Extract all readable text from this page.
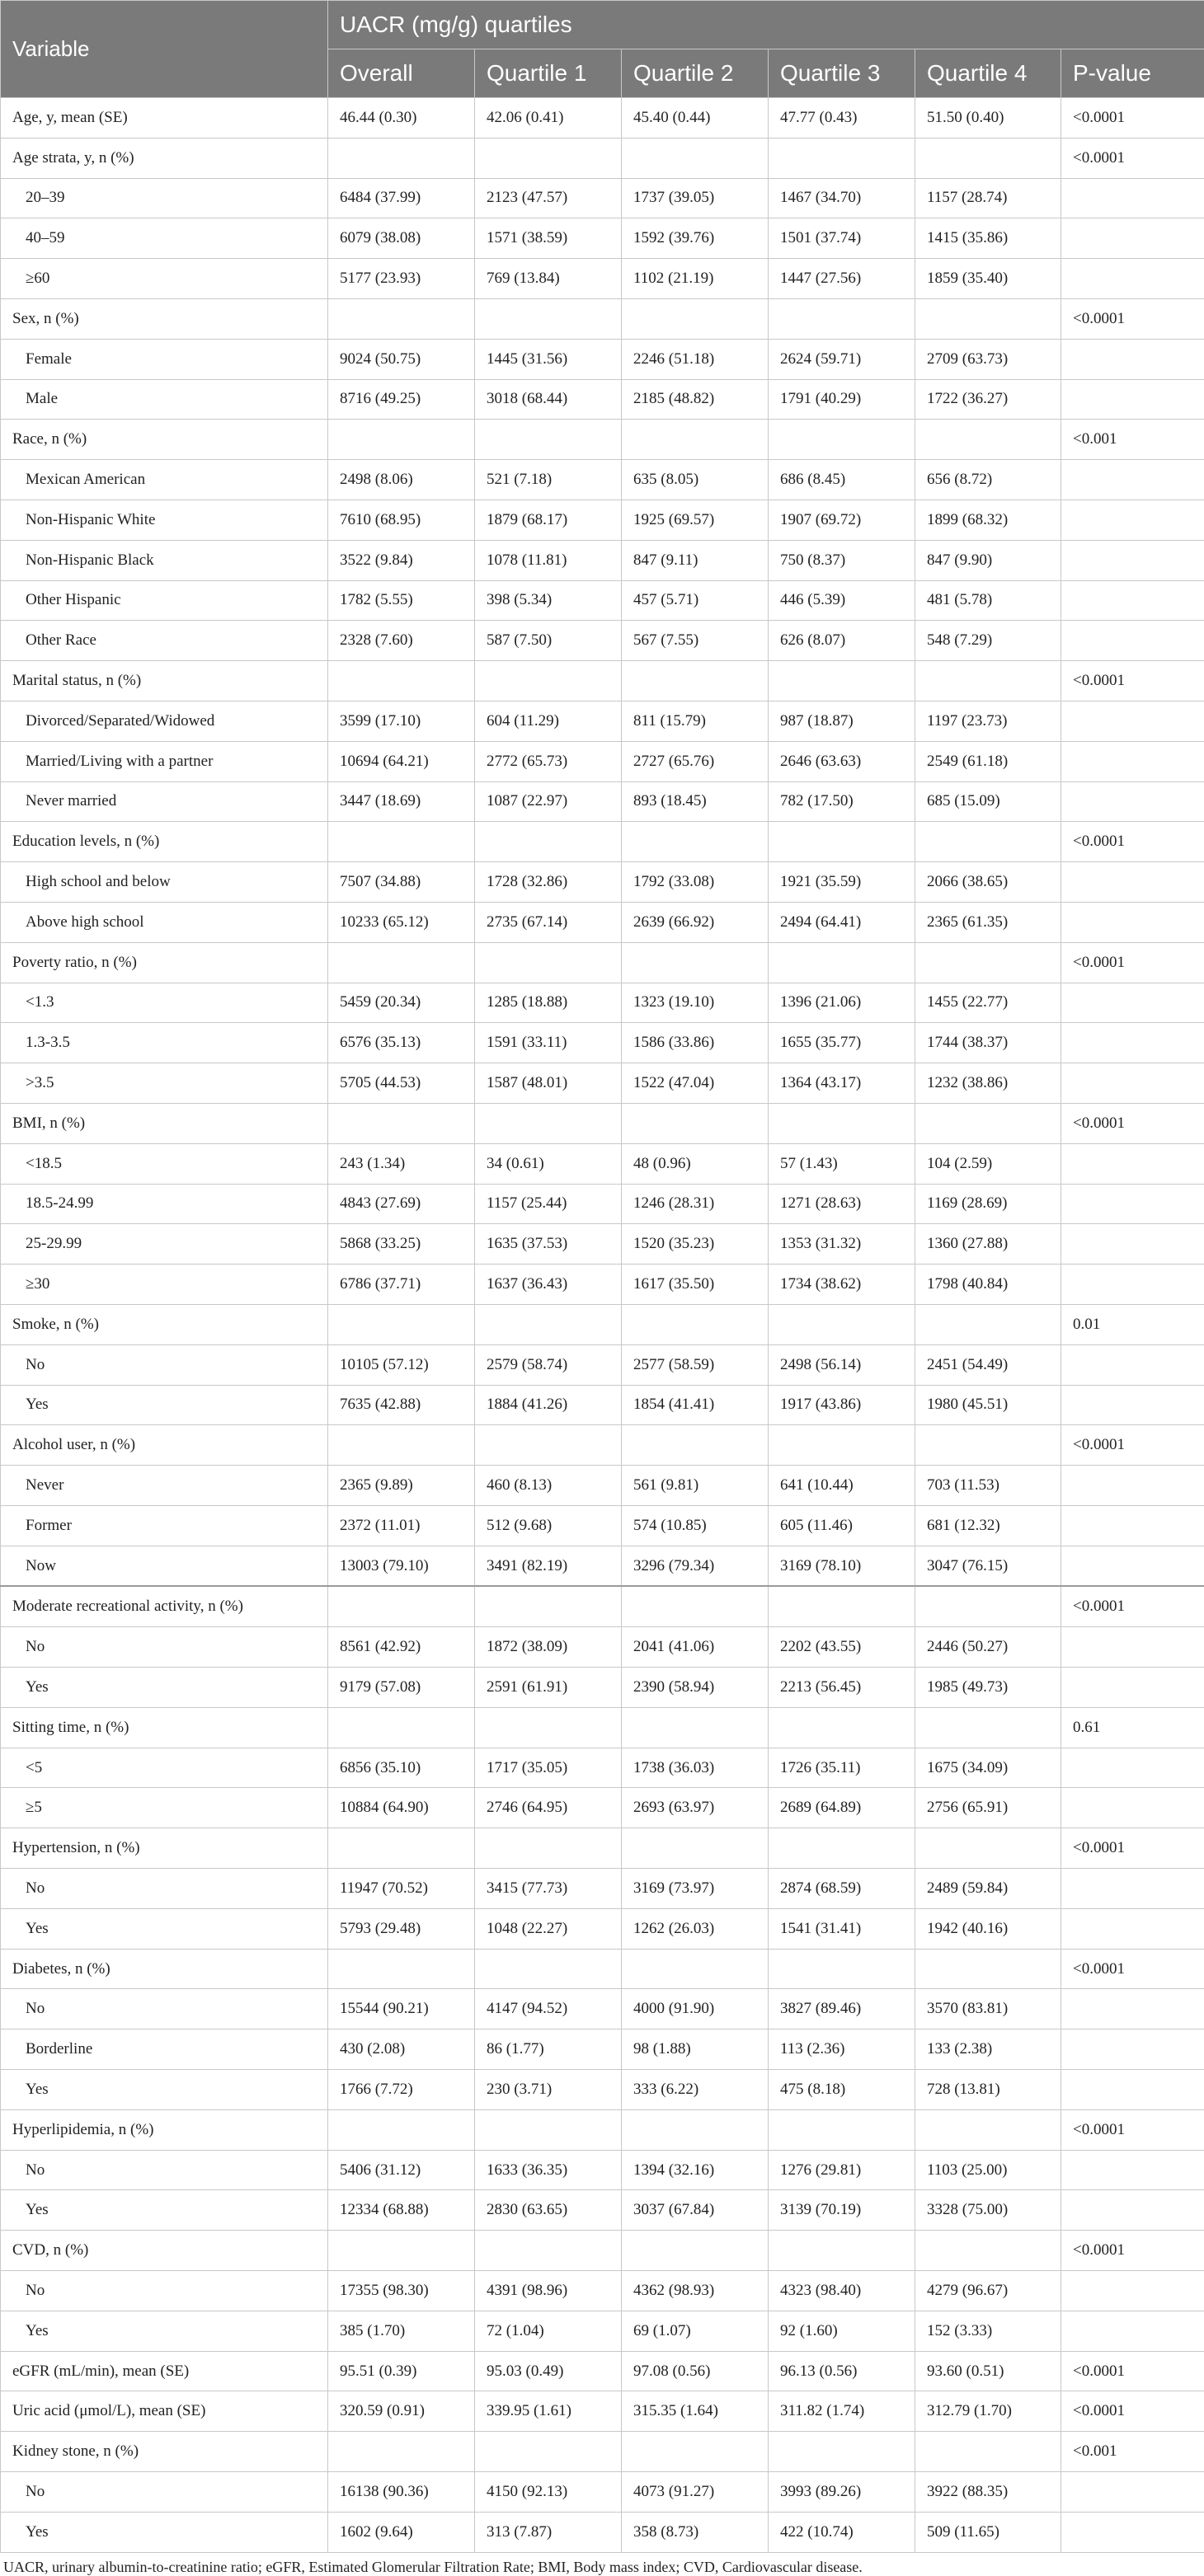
Variable	UACR (mg/g) quartiles					
	Overall	Quartile 1	Quartile 2	Quartile 3	Quartile 4	P-value
Age, y, mean (SE)	46.44 (0.30)	42.06 (0.41)	45.40 (0.44)	47.77 (0.43)	51.50 (0.40)	<0.0001
Age strata, y, n (%)						<0.0001
20–39	6484 (37.99)	2123 (47.57)	1737 (39.05)	1467 (34.70)	1157 (28.74)	
40–59	6079 (38.08)	1571 (38.59)	1592 (39.76)	1501 (37.74)	1415 (35.86)	
≥60	5177 (23.93)	769 (13.84)	1102 (21.19)	1447 (27.56)	1859 (35.40)	
Sex, n (%)						<0.0001
Female	9024 (50.75)	1445 (31.56)	2246 (51.18)	2624 (59.71)	2709 (63.73)	
Male	8716 (49.25)	3018 (68.44)	2185 (48.82)	1791 (40.29)	1722 (36.27)	
Race, n (%)						<0.001
Mexican American	2498 (8.06)	521 (7.18)	635 (8.05)	686 (8.45)	656 (8.72)	
Non-Hispanic White	7610 (68.95)	1879 (68.17)	1925 (69.57)	1907 (69.72)	1899 (68.32)	
Non-Hispanic Black	3522 (9.84)	1078 (11.81)	847 (9.11)	750 (8.37)	847 (9.90)	
Other Hispanic	1782 (5.55)	398 (5.34)	457 (5.71)	446 (5.39)	481 (5.78)	
Other Race	2328 (7.60)	587 (7.50)	567 (7.55)	626 (8.07)	548 (7.29)	
Marital status, n (%)						<0.0001
Divorced/Separated/Widowed	3599 (17.10)	604 (11.29)	811 (15.79)	987 (18.87)	1197 (23.73)	
Married/Living with a partner	10694 (64.21)	2772 (65.73)	2727 (65.76)	2646 (63.63)	2549 (61.18)	
Never married	3447 (18.69)	1087 (22.97)	893 (18.45)	782 (17.50)	685 (15.09)	
Education levels, n (%)						<0.0001
High school and below	7507 (34.88)	1728 (32.86)	1792 (33.08)	1921 (35.59)	2066 (38.65)	
Above high school	10233 (65.12)	2735 (67.14)	2639 (66.92)	2494 (64.41)	2365 (61.35)	
Poverty ratio, n (%)						<0.0001
<1.3	5459 (20.34)	1285 (18.88)	1323 (19.10)	1396 (21.06)	1455 (22.77)	
1.3-3.5	6576 (35.13)	1591 (33.11)	1586 (33.86)	1655 (35.77)	1744 (38.37)	
>3.5	5705 (44.53)	1587 (48.01)	1522 (47.04)	1364 (43.17)	1232 (38.86)	
BMI, n (%)						<0.0001
<18.5	243 (1.34)	34 (0.61)	48 (0.96)	57 (1.43)	104 (2.59)	
18.5-24.99	4843 (27.69)	1157 (25.44)	1246 (28.31)	1271 (28.63)	1169 (28.69)	
25-29.99	5868 (33.25)	1635 (37.53)	1520 (35.23)	1353 (31.32)	1360 (27.88)	
≥30	6786 (37.71)	1637 (36.43)	1617 (35.50)	1734 (38.62)	1798 (40.84)	
Smoke, n (%)						0.01
No	10105 (57.12)	2579 (58.74)	2577 (58.59)	2498 (56.14)	2451 (54.49)	
Yes	7635 (42.88)	1884 (41.26)	1854 (41.41)	1917 (43.86)	1980 (45.51)	
Alcohol user, n (%)						<0.0001
Never	2365 (9.89)	460 (8.13)	561 (9.81)	641 (10.44)	703 (11.53)	
Former	2372 (11.01)	512 (9.68)	574 (10.85)	605 (11.46)	681 (12.32)	
Now	13003 (79.10)	3491 (82.19)	3296 (79.34)	3169 (78.10)	3047 (76.15)	
Moderate recreational activity, n (%)						<0.0001
No	8561 (42.92)	1872 (38.09)	2041 (41.06)	2202 (43.55)	2446 (50.27)	
Yes	9179 (57.08)	2591 (61.91)	2390 (58.94)	2213 (56.45)	1985 (49.73)	
Sitting time, n (%)						0.61
<5	6856 (35.10)	1717 (35.05)	1738 (36.03)	1726 (35.11)	1675 (34.09)	
≥5	10884 (64.90)	2746 (64.95)	2693 (63.97)	2689 (64.89)	2756 (65.91)	
Hypertension, n (%)						<0.0001
No	11947 (70.52)	3415 (77.73)	3169 (73.97)	2874 (68.59)	2489 (59.84)	
Yes	5793 (29.48)	1048 (22.27)	1262 (26.03)	1541 (31.41)	1942 (40.16)	
Diabetes, n (%)						<0.0001
No	15544 (90.21)	4147 (94.52)	4000 (91.90)	3827 (89.46)	3570 (83.81)	
Borderline	430 (2.08)	86 (1.77)	98 (1.88)	113 (2.36)	133 (2.38)	
Yes	1766 (7.72)	230 (3.71)	333 (6.22)	475 (8.18)	728 (13.81)	
Hyperlipidemia, n (%)						<0.0001
No	5406 (31.12)	1633 (36.35)	1394 (32.16)	1276 (29.81)	1103 (25.00)	
Yes	12334 (68.88)	2830 (63.65)	3037 (67.84)	3139 (70.19)	3328 (75.00)	
CVD, n (%)						<0.0001
No	17355 (98.30)	4391 (98.96)	4362 (98.93)	4323 (98.40)	4279 (96.67)	
Yes	385 (1.70)	72 (1.04)	69 (1.07)	92 (1.60)	152 (3.33)	
eGFR (mL/min), mean (SE)	95.51 (0.39)	95.03 (0.49)	97.08 (0.56)	96.13 (0.56)	93.60 (0.51)	<0.0001
Uric acid (μmol/L), mean (SE)	320.59 (0.91)	339.95 (1.61)	315.35 (1.64)	311.82 (1.74)	312.79 (1.70)	<0.0001
Kidney stone, n (%)						<0.001
No	16138 (90.36)	4150 (92.13)	4073 (91.27)	3993 (89.26)	3922 (88.35)	
Yes	1602 (9.64)	313 (7.87)	358 (8.73)	422 (10.74)	509 (11.65)	
UACR, urinary albumin-to-creatinine ratio; eGFR, Estimated Glomerular Filtration Rate; BMI, Body mass index; CVD, Cardiovascular disease.
